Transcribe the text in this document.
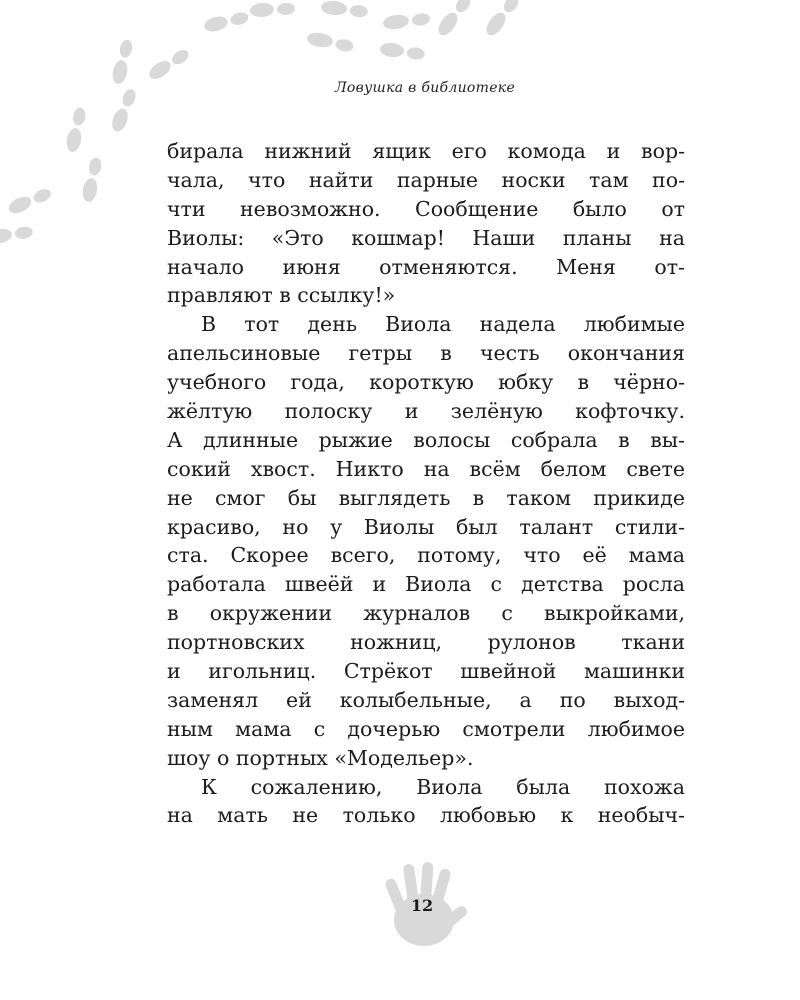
Ловушка в библиотеке
бирала нижний ящик его комода и вор-
чала, что найти парные носки там по-
чти невозможно. Сообщение было от
Виолы: «Это кошмар! Наши планы на
начало июня отменяются. Меня от-
правляют в ссылку!»
В тот день Виола надела любимые
апельсиновые гетры в честь окончания
учебного года, короткую юбку в чёрно-
жёлтую полоску и зелёную кофточку.
А длинные рыжие волосы собрала в вы-
сокий хвост. Никто на всём белом свете
не смог бы выглядеть в таком прикиде
красиво, но у Виолы был талант стили-
ста. Скорее всего, потому, что её мама
работала швеёй и Виола с детства росла
в окружении журналов с выкройками,
портновских ножниц, рулонов ткани
и игольниц. Стрёкот швейной машинки
заменял ей колыбельные, а по выход-
ным мама с дочерью смотрели любимое
шоу о портных «Модельер».
К сожалению, Виола была похожа
на мать не только любовью к необыч-
12
